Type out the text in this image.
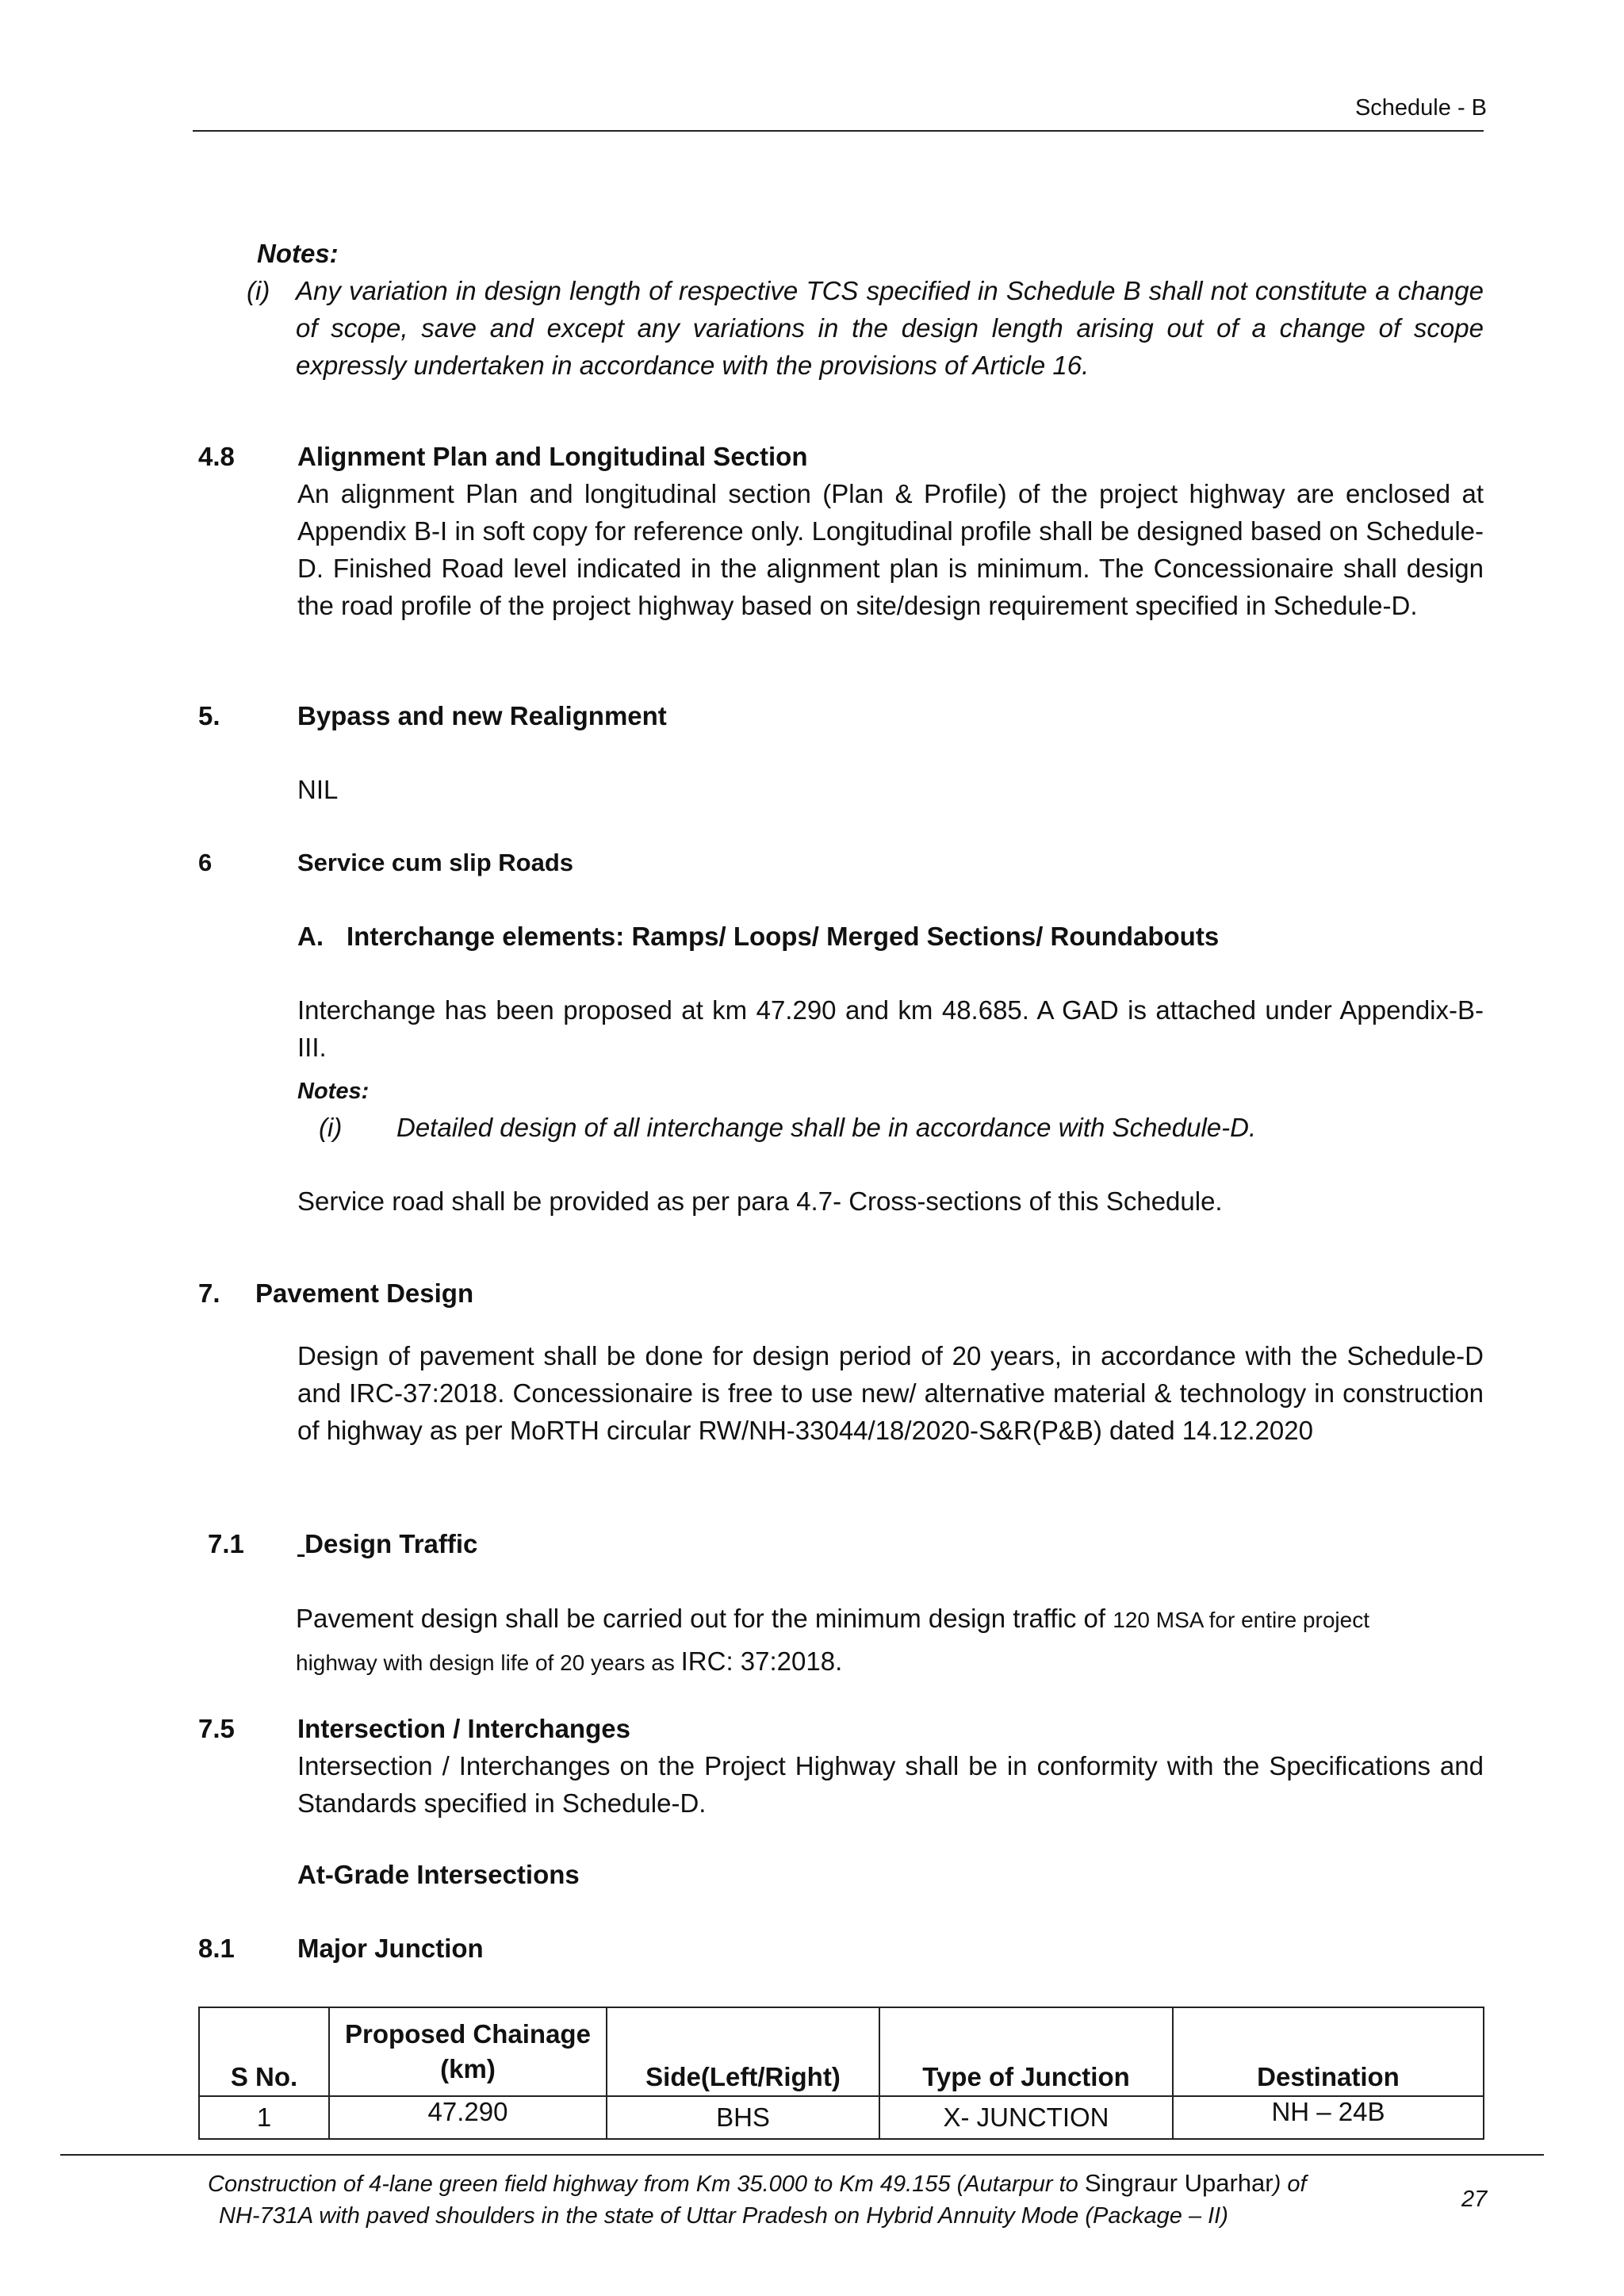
Schedule - B
Notes:
(i) Any variation in design length of respective TCS specified in Schedule B shall not constitute a change of scope, save and except any variations in the design length arising out of a change of scope expressly undertaken in accordance with the provisions of Article 16.
4.8 Alignment Plan and Longitudinal Section
An alignment Plan and longitudinal section (Plan & Profile) of the project highway are enclosed at Appendix B-I in soft copy for reference only. Longitudinal profile shall be designed based on Schedule-D. Finished Road level indicated in the alignment plan is minimum. The Concessionaire shall design the road profile of the project highway based on site/design requirement specified in Schedule-D.
5.	Bypass and new Realignment
NIL
6	Service cum slip Roads
A. Interchange elements: Ramps/ Loops/ Merged Sections/ Roundabouts
Interchange has been proposed at km 47.290 and km 48.685. A GAD is attached under Appendix-B-III.
Notes:
(i) Detailed design of all interchange shall be in accordance with Schedule-D.
Service road shall be provided as per para 4.7- Cross-sections of this Schedule.
7. Pavement Design
Design of pavement shall be done for design period of 20 years, in accordance with the Schedule-D and IRC-37:2018. Concessionaire is free to use new/ alternative material & technology in construction of highway as per MoRTH circular RW/NH-33044/18/2020-S&R(P&B) dated 14.12.2020
7.1 Design Traffic
Pavement design shall be carried out for the minimum design traffic of 120 MSA for entire project
highway with design life of 20 years as IRC: 37:2018.
7.5 Intersection / Interchanges
Intersection / Interchanges on the Project Highway shall be in conformity with the Specifications and Standards specified in Schedule-D.
At-Grade Intersections
8.1 Major Junction
S No.	Proposed Chainage (km)	Side(Left/Right)	Type of Junction	Destination
1	47.290	BHS	X- JUNCTION	NH – 24B
Construction of 4-lane green field highway from Km 35.000 to Km 49.155 (Autarpur to Singraur Uparhar) of
NH-731A with paved shoulders in the state of Uttar Pradesh on Hybrid Annuity Mode (Package – II)
27
